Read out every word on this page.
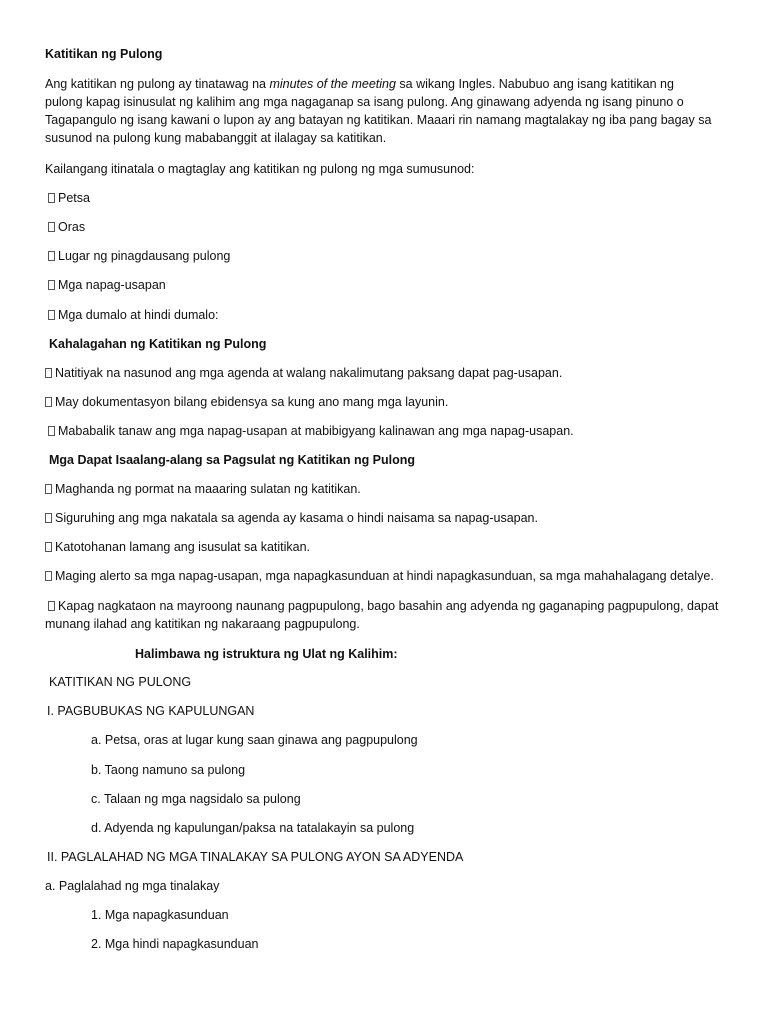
Katitikan ng Pulong
Ang katitikan ng pulong ay tinatawag na minutes of the meeting sa wikang Ingles. Nabubuo ang isang katitikan ng
pulong kapag isinusulat ng kalihim ang mga nagaganap sa isang pulong. Ang ginawang adyenda ng isang pinuno o
Tagapangulo ng isang kawani o lupon ay ang batayan ng katitikan. Maaari rin namang magtalakay ng iba pang bagay sa
susunod na pulong kung mababanggit at ilalagay sa katitikan.
Kailangang itinatala o magtaglay ang katitikan ng pulong ng mga sumusunod:
Petsa
Oras
Lugar ng pinagdausang pulong
Mga napag-usapan
Mga dumalo at hindi dumalo:
Kahalagahan ng Katitikan ng Pulong
Natitiyak na nasunod ang mga agenda at walang nakalimutang paksang dapat pag-usapan.
May dokumentasyon bilang ebidensya sa kung ano mang mga layunin.
Mababalik tanaw ang mga napag-usapan at mabibigyang kalinawan ang mga napag-usapan.
Mga Dapat Isaalang-alang sa Pagsulat ng Katitikan ng Pulong
Maghanda ng pormat na maaaring sulatan ng katitikan.
Siguruhing ang mga nakatala sa agenda ay kasama o hindi naisama sa napag-usapan.
Katotohanan lamang ang isusulat sa katitikan.
Maging alerto sa mga napag-usapan, mga napagkasunduan at hindi napagkasunduan, sa mga mahahalagang detalye.
Kapag nagkataon na mayroong naunang pagpupulong, bago basahin ang adyenda ng gaganaping pagpupulong, dapat
munang ilahad ang katitikan ng nakaraang pagpupulong.
Halimbawa ng istruktura ng Ulat ng Kalihim:
KATITIKAN NG PULONG
I. PAGBUBUKAS NG KAPULUNGAN
a. Petsa, oras at lugar kung saan ginawa ang pagpupulong
b. Taong namuno sa pulong
c. Talaan ng mga nagsidalo sa pulong
d. Adyenda ng kapulungan/paksa na tatalakayin sa pulong
II. PAGLALAHAD NG MGA TINALAKAY SA PULONG AYON SA ADYENDA
a. Paglalahad ng mga tinalakay
1. Mga napagkasunduan
2. Mga hindi napagkasunduan
